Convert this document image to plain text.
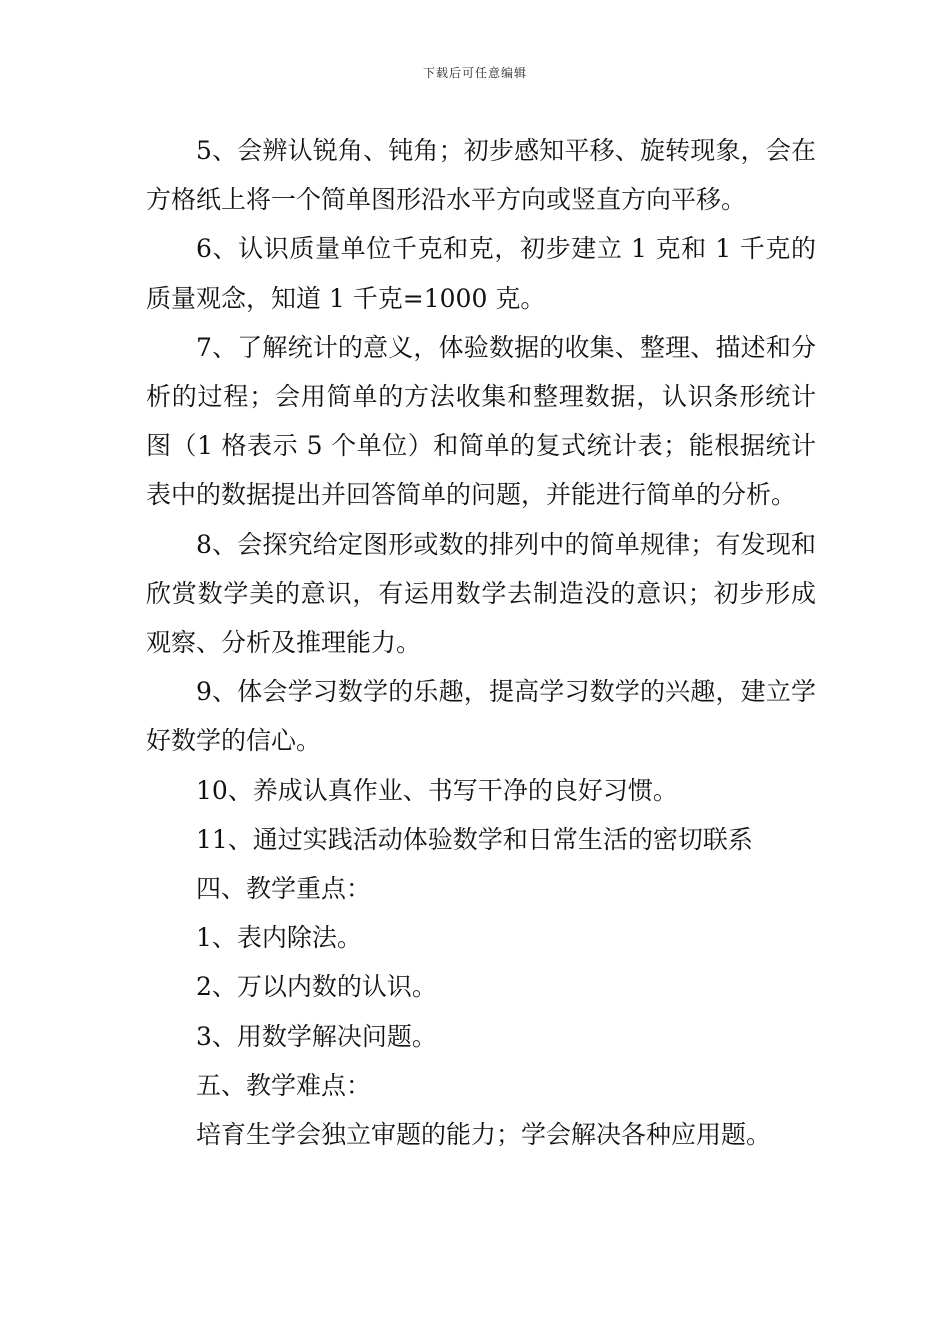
下载后可任意编辑

5、会辨认锐角、钝角；初步感知平移、旋转现象，会在方格纸上将一个简单图形沿水平方向或竖直方向平移。

6、认识质量单位千克和克，初步建立 1 克和 1 千克的质量观念，知道 1 千克=1000 克。

7、了解统计的意义，体验数据的收集、整理、描述和分析的过程；会用简单的方法收集和整理数据，认识条形统计图（1 格表示 5 个单位）和简单的复式统计表；能根据统计表中的数据提出并回答简单的问题，并能进行简单的分析。

8、会探究给定图形或数的排列中的简单规律；有发现和欣赏数学美的意识，有运用数学去制造没的意识；初步形成观察、分析及推理能力。

9、体会学习数学的乐趣，提高学习数学的兴趣，建立学好数学的信心。

10、养成认真作业、书写干净的良好习惯。

11、通过实践活动体验数学和日常生活的密切联系

四、教学重点：

1、表内除法。

2、万以内数的认识。

3、用数学解决问题。

五、教学难点：

培育生学会独立审题的能力；学会解决各种应用题。
